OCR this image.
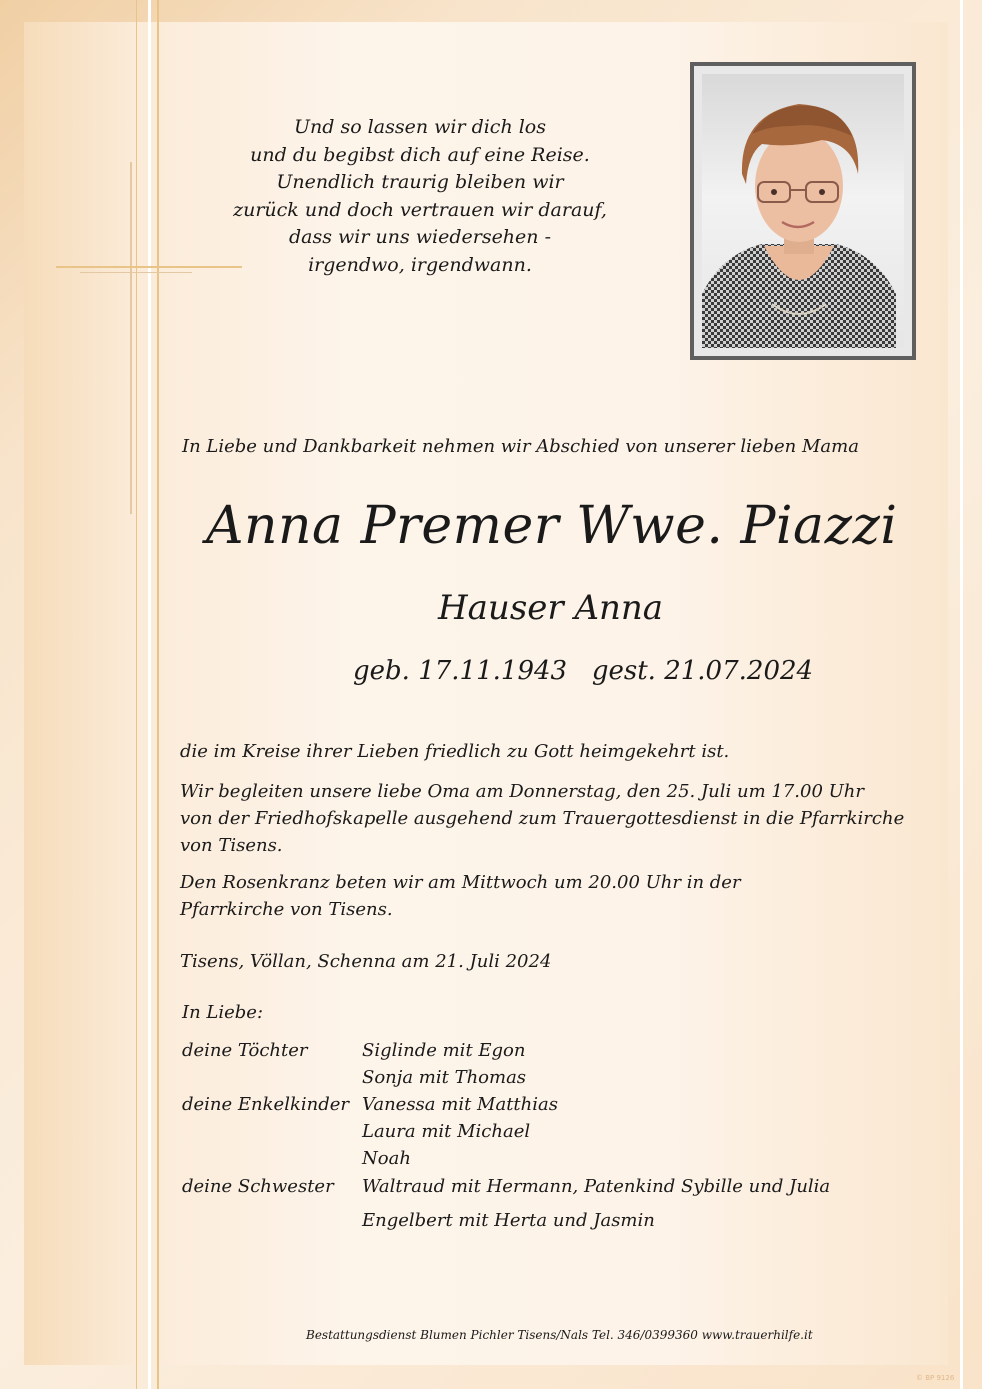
Und so lassen wir dich los
und du begibst dich auf eine Reise.
Unendlich traurig bleiben wir
zurück und doch vertrauen wir darauf,
dass wir uns wiedersehen -
irgendwo, irgendwann.
In Liebe und Dankbarkeit nehmen wir Abschied von unserer lieben Mama
Anna Premer Wwe. Piazzi
Hauser Anna
geb. 17.11.1943   gest. 21.07.2024
die im Kreise ihrer Lieben friedlich zu Gott heimgekehrt ist.
Wir begleiten unsere liebe Oma am Donnerstag, den 25. Juli um 17.00 Uhr
von der Friedhofskapelle ausgehend zum Trauergottesdienst in die Pfarrkirche
von Tisens.
Den Rosenkranz beten wir am Mittwoch um 20.00 Uhr in der
Pfarrkirche von Tisens.
Tisens, Völlan, Schenna am 21. Juli 2024
In Liebe:
deine Töchter	Siglinde mit Egon
Sonja mit Thomas
deine Enkelkinder Vanessa mit Matthias
Laura mit Michael
Noah
deine Schwester Waltraud mit Hermann, Patenkind Sybille und Julia
Engelbert mit Herta und Jasmin
Bestattungsdienst Blumen Pichler Tisens/Nals Tel. 346/0399360 www.trauerhilfe.it
© BP 9126
